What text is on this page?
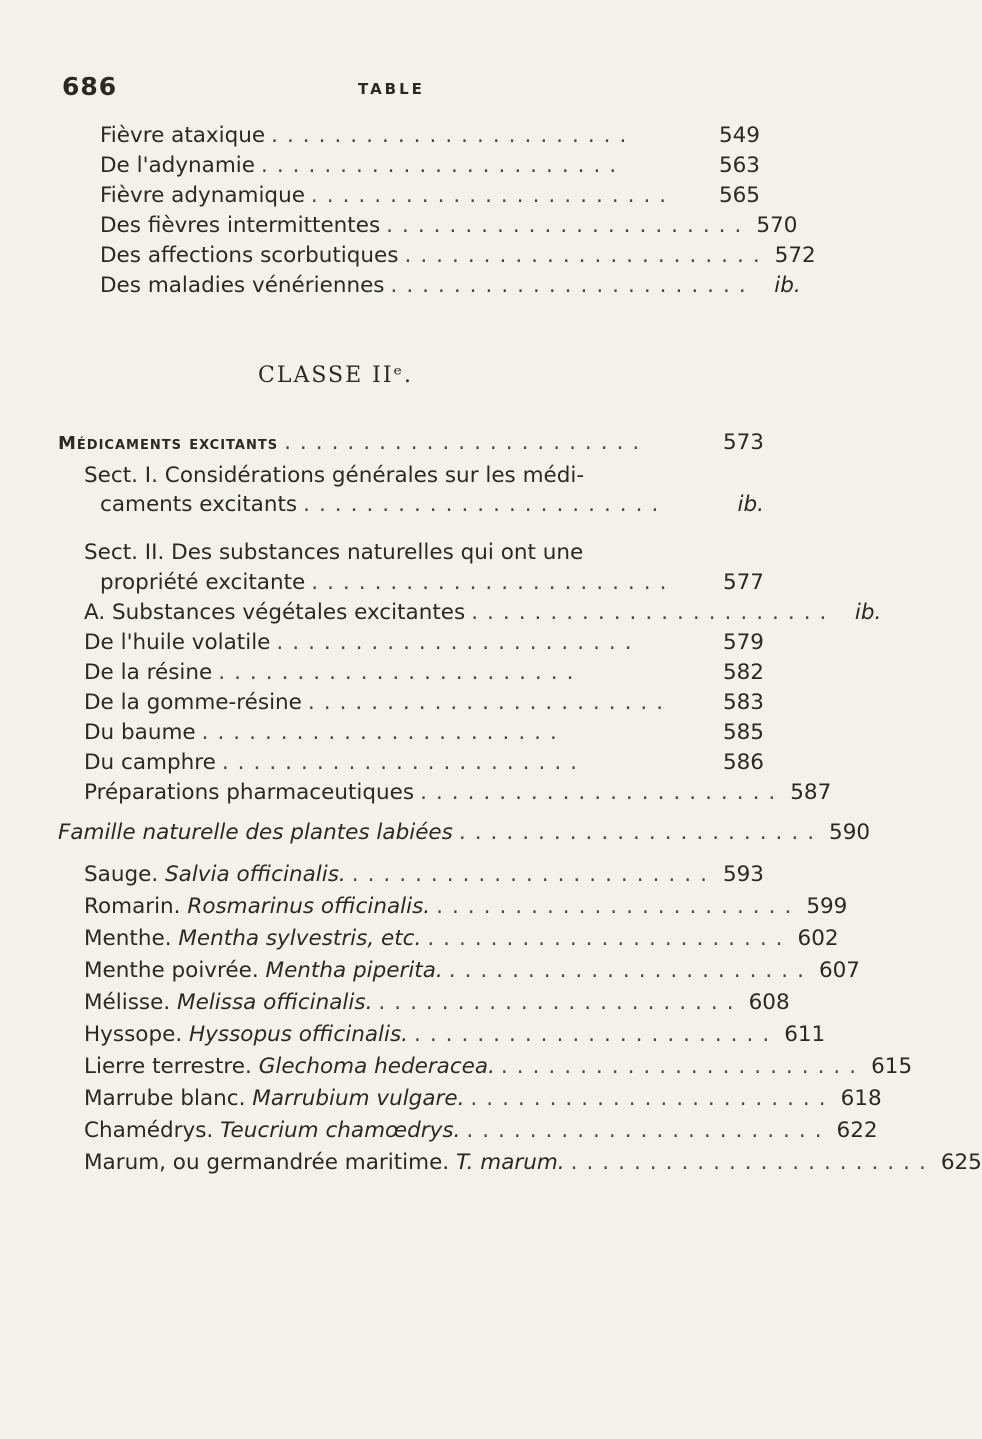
686	TABLE
Fièvre ataxique .......................	549
De l'adynamie .......................	563
Fièvre adynamique .......................	565
Des fièvres intermittentes ....................... 570
Des affections scorbutiques ....................... 572
Des maladies vénériennes ....................... ib.
CLASSE IIᵉ.
Médicaments excitants .......................	573
Sect. I. Considérations générales sur les médi-
caments excitants .......................	ib.
Sect. II. Des substances naturelles qui ont une
propriété excitante .......................	577
A. Substances végétales excitantes ....................... ib.
De l'huile volatile .......................	579
De la résine .......................	582
De la gomme-résine .......................	583
Du baume .......................	585
Du camphre .......................	586
Préparations pharmaceutiques ....................... 587
Famille naturelle des plantes labiées ....................... 590
Sauge. Salvia officinalis. ....................... 593
Romarin. Rosmarinus officinalis. ....................... 599
Menthe. Mentha sylvestris, etc. ....................... 602
Menthe poivrée. Mentha piperita. ....................... 607
Mélisse. Melissa officinalis. ....................... 608
Hyssope. Hyssopus officinalis. ....................... 611
Lierre terrestre. Glechoma hederacea. ....................... 615
Marrube blanc. Marrubium vulgare. ....................... 618
Chamédrys. Teucrium chamœdrys. ....................... 622
Marum, ou germandrée maritime. T. marum. ....................... 625
